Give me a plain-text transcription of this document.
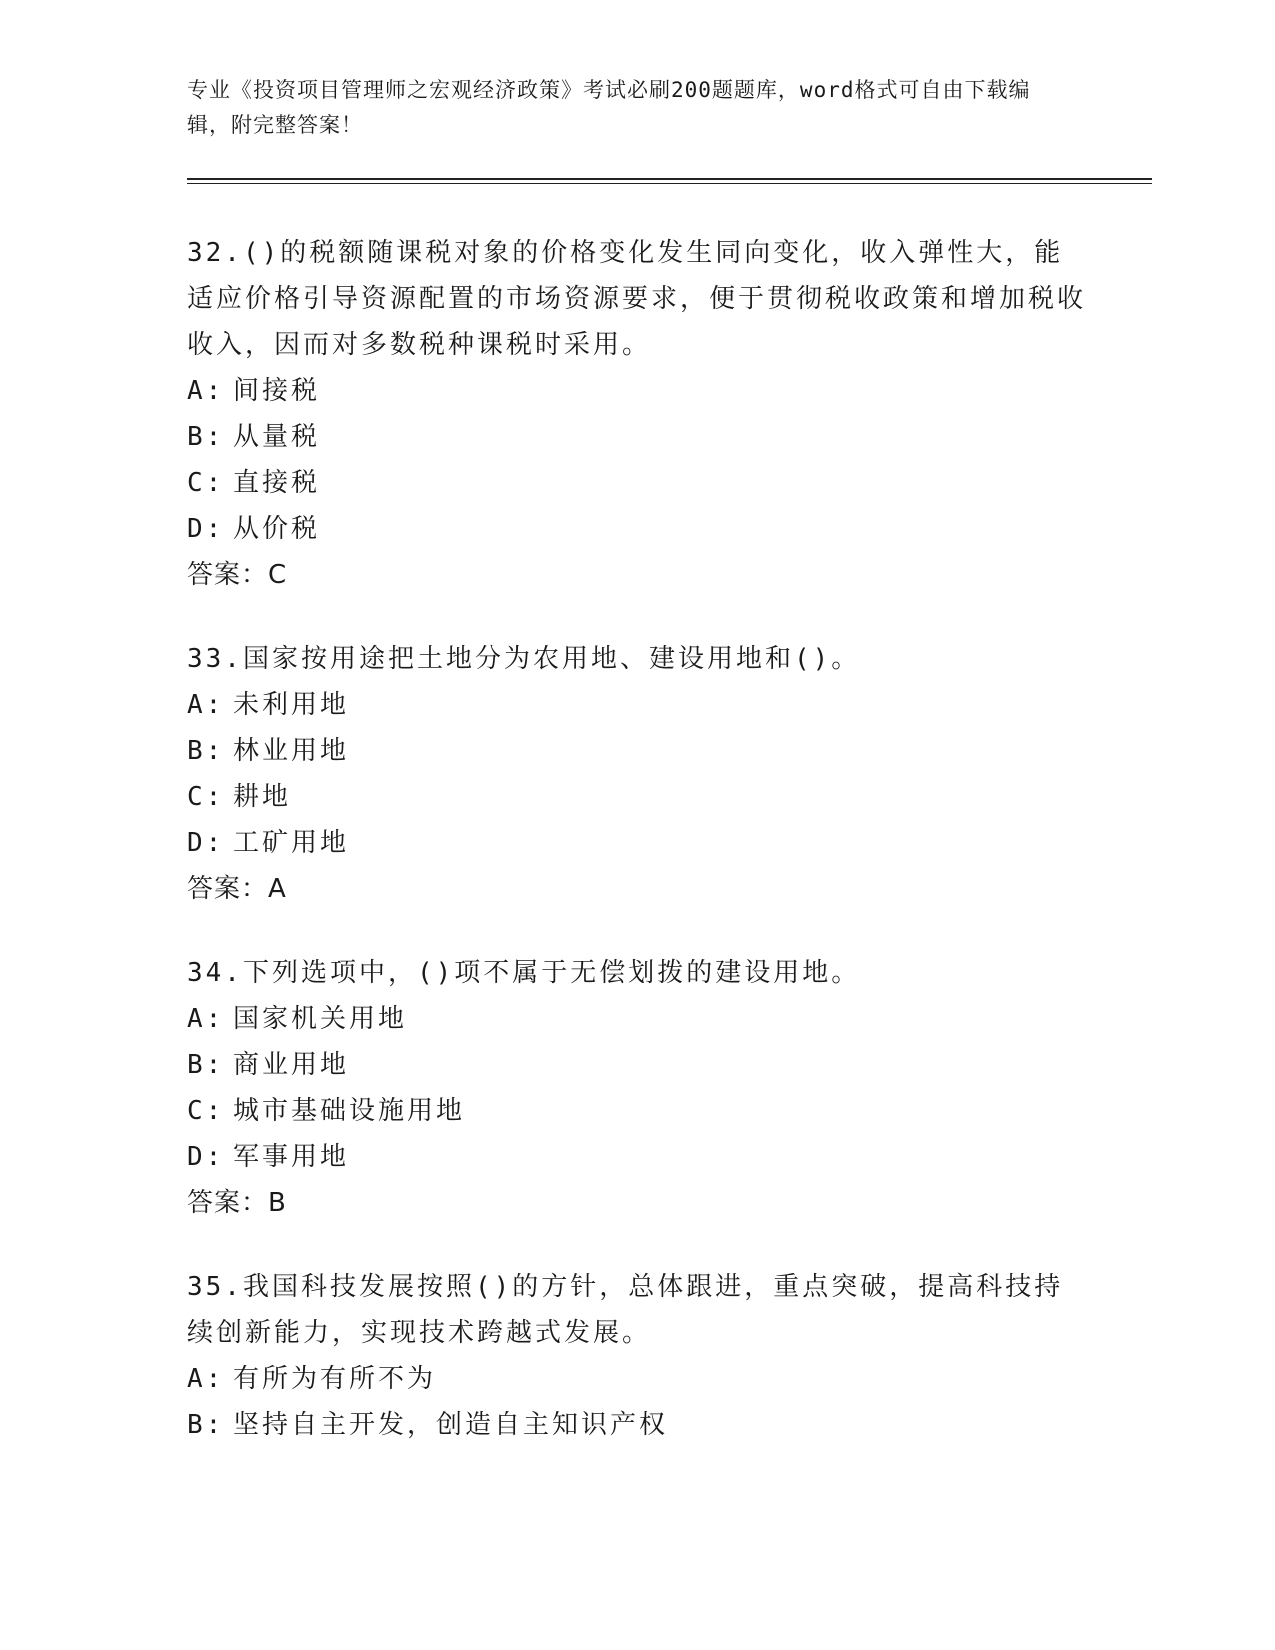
专业《投资项目管理师之宏观经济政策》考试必刷200题题库，word格式可自由下载编辑，附完整答案！

32.()的税额随课税对象的价格变化发生同向变化，收入弹性大，能适应价格引导资源配置的市场资源要求，便于贯彻税收政策和增加税收收入，因而对多数税种课税时采用。

A: 间接税
B: 从量税
C: 直接税
D: 从价税
答案：C

33.国家按用途把土地分为农用地、建设用地和()。

A: 未利用地
B: 林业用地
C: 耕地
D: 工矿用地
答案：A

34.下列选项中，()项不属于无偿划拨的建设用地。

A: 国家机关用地
B: 商业用地
C: 城市基础设施用地
D: 军事用地
答案：B

35.我国科技发展按照()的方针，总体跟进，重点突破，提高科技持续创新能力，实现技术跨越式发展。

A: 有所为有所不为
B: 坚持自主开发，创造自主知识产权
